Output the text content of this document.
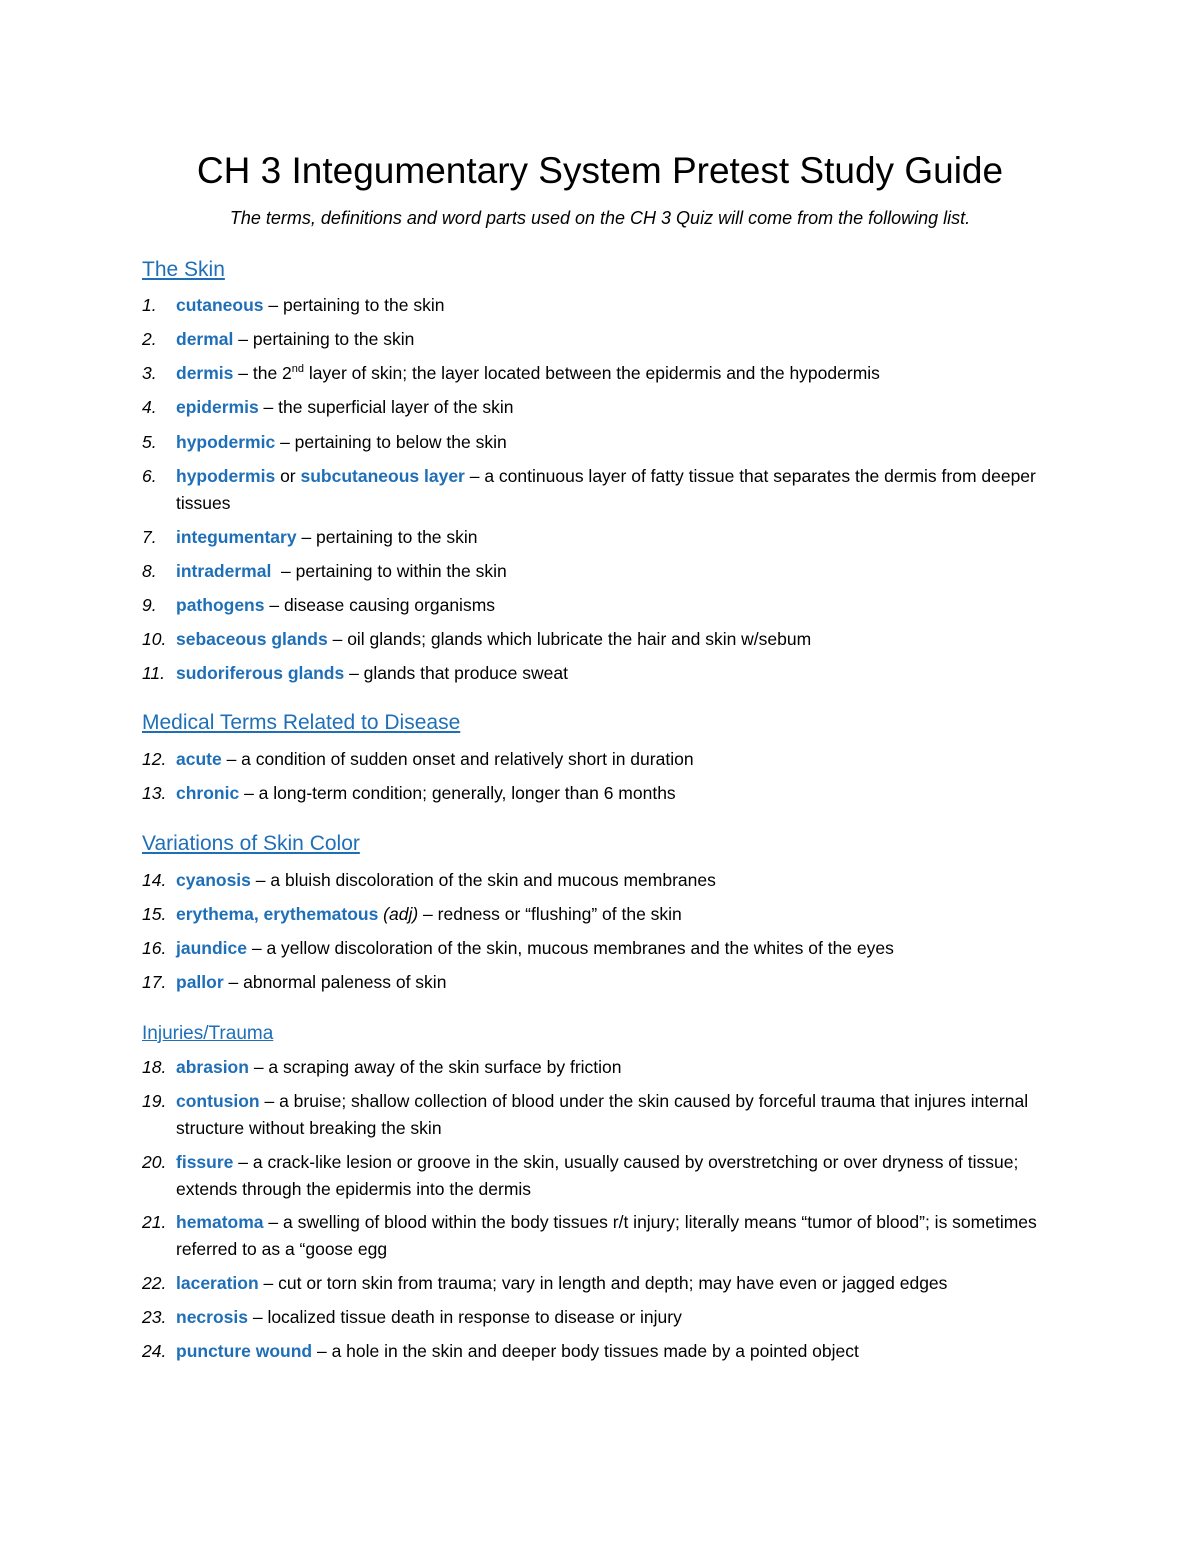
CH 3 Integumentary System Pretest Study Guide
The terms, definitions and word parts used on the CH 3 Quiz will come from the following list.
The Skin
1.	cutaneous – pertaining to the skin
2.	dermal – pertaining to the skin
3.	dermis – the 2nd layer of skin; the layer located between the epidermis and the hypodermis
4.	epidermis – the superficial layer of the skin
5.	hypodermic – pertaining to below the skin
6.	hypodermis or subcutaneous layer – a continuous layer of fatty tissue that separates the dermis from deeper tissues
7.	integumentary – pertaining to the skin
8.	intradermal  – pertaining to within the skin
9.	pathogens – disease causing organisms
10. sebaceous glands – oil glands; glands which lubricate the hair and skin w/sebum
11. sudoriferous glands – glands that produce sweat
Medical Terms Related to Disease
12. acute – a condition of sudden onset and relatively short in duration
13. chronic – a long-term condition; generally, longer than 6 months
Variations of Skin Color
14. cyanosis – a bluish discoloration of the skin and mucous membranes
15. erythema, erythematous (adj) – redness or “flushing” of the skin
16. jaundice – a yellow discoloration of the skin, mucous membranes and the whites of the eyes
17. pallor – abnormal paleness of skin
Injuries/Trauma
18. abrasion – a scraping away of the skin surface by friction
19. contusion – a bruise; shallow collection of blood under the skin caused by forceful trauma that injures internal structure without breaking the skin
20. fissure – a crack-like lesion or groove in the skin, usually caused by overstretching or over dryness of tissue; extends through the epidermis into the dermis
21. hematoma – a swelling of blood within the body tissues r/t injury; literally means “tumor of blood”; is sometimes referred to as a “goose egg
22. laceration – cut or torn skin from trauma; vary in length and depth; may have even or jagged edges
23. necrosis – localized tissue death in response to disease or injury
24. puncture wound – a hole in the skin and deeper body tissues made by a pointed object
